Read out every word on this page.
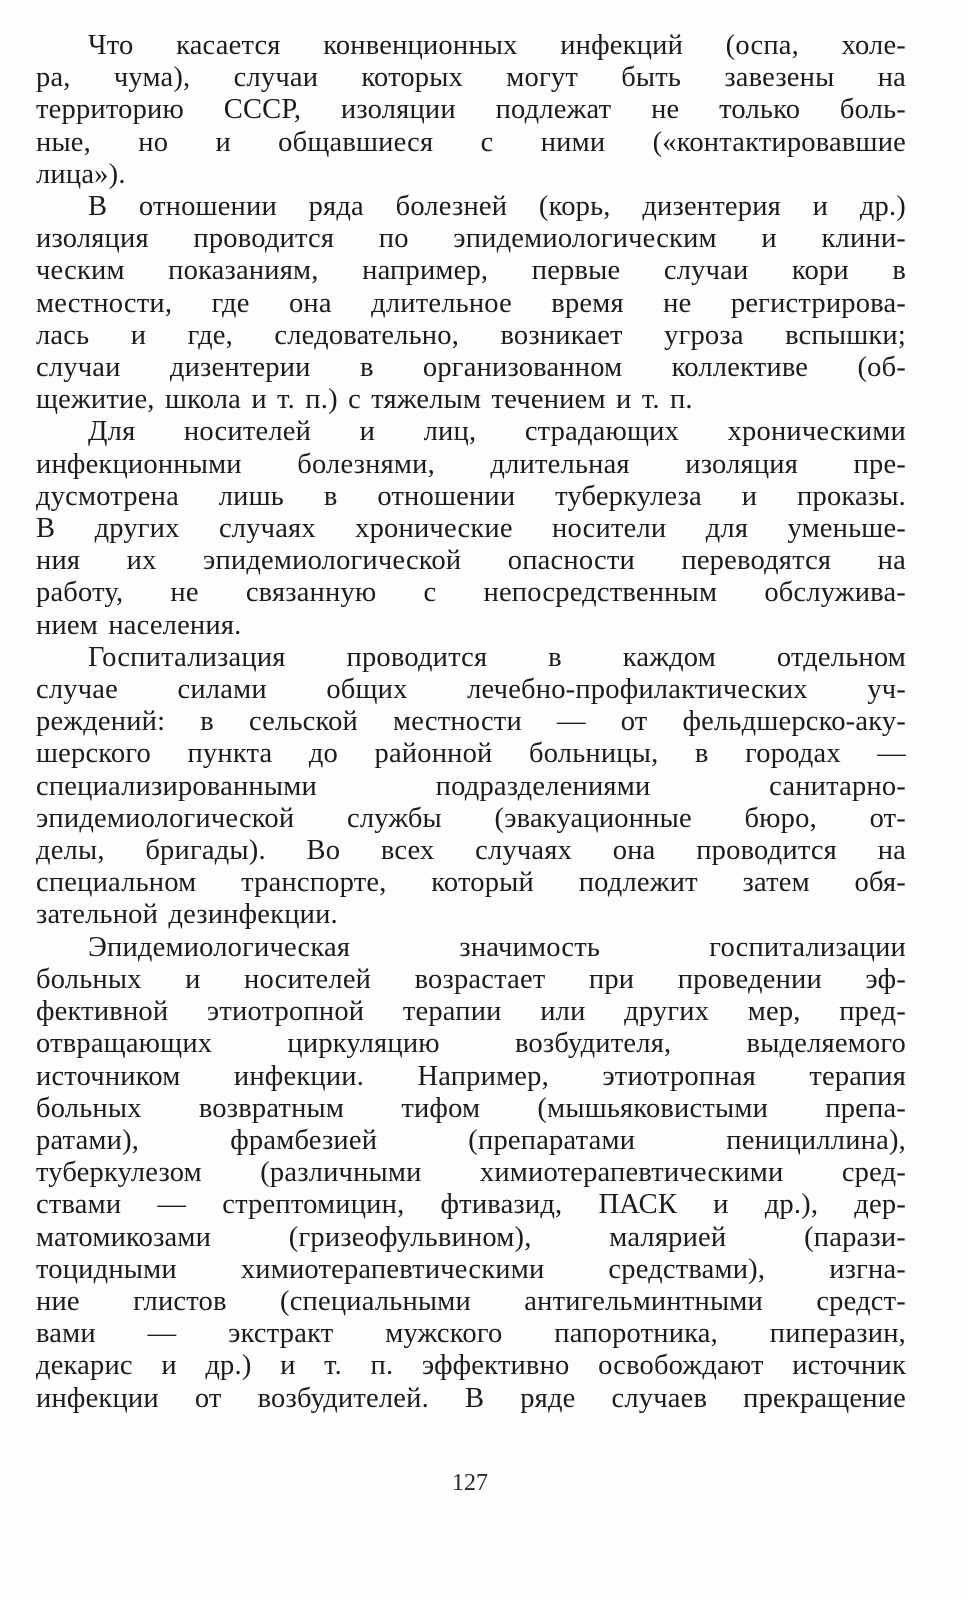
Что касается конвенционных инфекций (оспа, холе-
ра, чума), случаи которых могут быть завезены на
территорию СССР, изоляции подлежат не только боль-
ные, но и общавшиеся с ними («контактировавшие
лица»).

В отношении ряда болезней (корь, дизентерия и др.)
изоляция проводится по эпидемиологическим и клини-
ческим показаниям, например, первые случаи кори в
местности, где она длительное время не регистрирова-
лась и где, следовательно, возникает угроза вспышки;
случаи дизентерии в организованном коллективе (об-
щежитие, школа и т. п.) с тяжелым течением и т. п.

Для носителей и лиц, страдающих хроническими
инфекционными болезнями, длительная изоляция пре-
дусмотрена лишь в отношении туберкулеза и проказы.
В других случаях хронические носители для уменьше-
ния их эпидемиологической опасности переводятся на
работу, не связанную с непосредственным обслужива-
нием населения.

Госпитализация проводится в каждом отдельном
случае силами общих лечебно-профилактических уч-
реждений: в сельской местности — от фельдшерско-аку-
шерского пункта до районной больницы, в городах —
специализированными подразделениями санитарно-
эпидемиологической службы (эвакуационные бюро, от-
делы, бригады). Во всех случаях она проводится на
специальном транспорте, который подлежит затем обя-
зательной дезинфекции.

Эпидемиологическая значимость госпитализации
больных и носителей возрастает при проведении эф-
фективной этиотропной терапии или других мер, пред-
отвращающих циркуляцию возбудителя, выделяемого
источником инфекции. Например, этиотропная терапия
больных возвратным тифом (мышьяковистыми препа-
ратами), фрамбезией (препаратами пенициллина),
туберкулезом (различными химиотерапевтическими сред-
ствами — стрептомицин, фтивазид, ПАСК и др.), дер-
матомикозами (гризеофульвином), малярией (парази-
тоцидными химиотерапевтическими средствами), изгна-
ние глистов (специальными антигельминтными средст-
вами — экстракт мужского папоротника, пиперазин,
декарис и др.) и т. п. эффективно освобождают источник
инфекции от возбудителей. В ряде случаев прекращение

127
